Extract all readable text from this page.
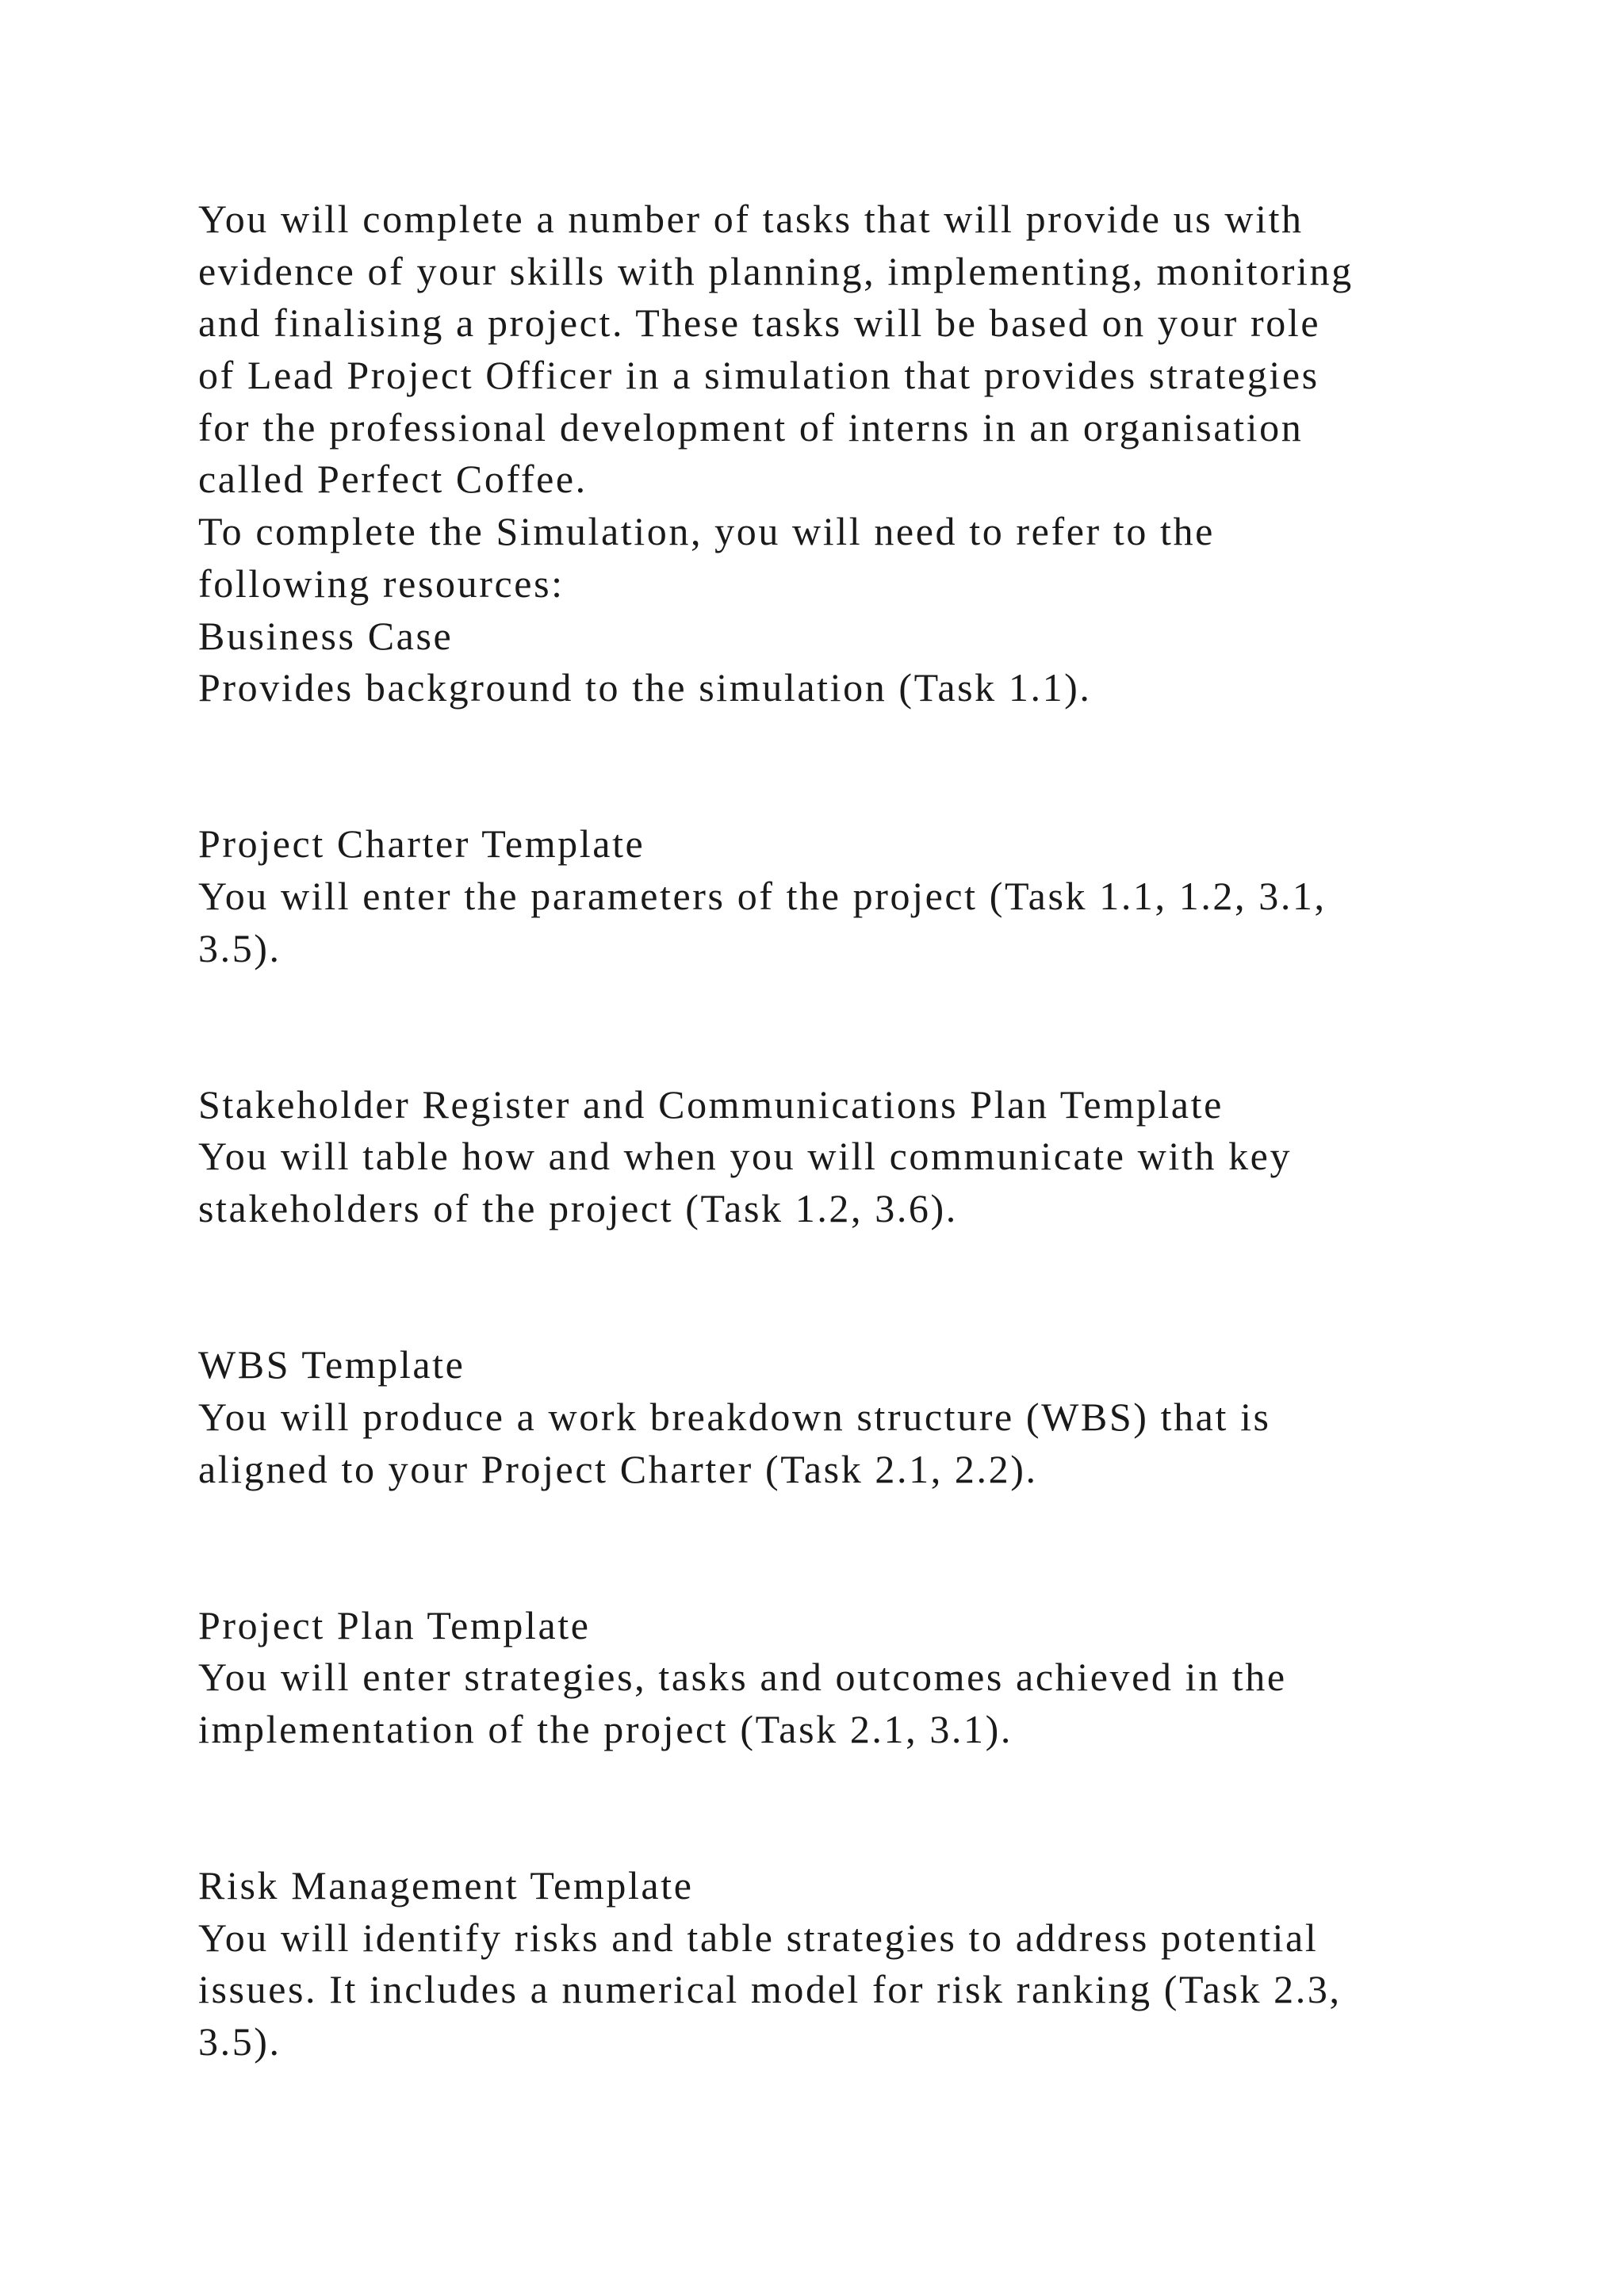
You will complete a number of tasks that will provide us with
evidence of your skills with planning, implementing, monitoring
and finalising a project. These tasks will be based on your role
of Lead Project Officer in a simulation that provides strategies
for the professional development of interns in an organisation
called Perfect Coffee.
To complete the Simulation, you will need to refer to the
following resources:
Business Case
Provides background to the simulation (Task 1.1).
Project Charter Template
You will enter the parameters of the project (Task 1.1, 1.2, 3.1,
3.5).
Stakeholder Register and Communications Plan Template
You will table how and when you will communicate with key
stakeholders of the project (Task 1.2, 3.6).
WBS Template
You will produce a work breakdown structure (WBS) that is
aligned to your Project Charter (Task 2.1, 2.2).
Project Plan Template
You will enter strategies, tasks and outcomes achieved in the
implementation of the project (Task 2.1, 3.1).
Risk Management Template
You will identify risks and table strategies to address potential
issues. It includes a numerical model for risk ranking (Task 2.3,
3.5).
